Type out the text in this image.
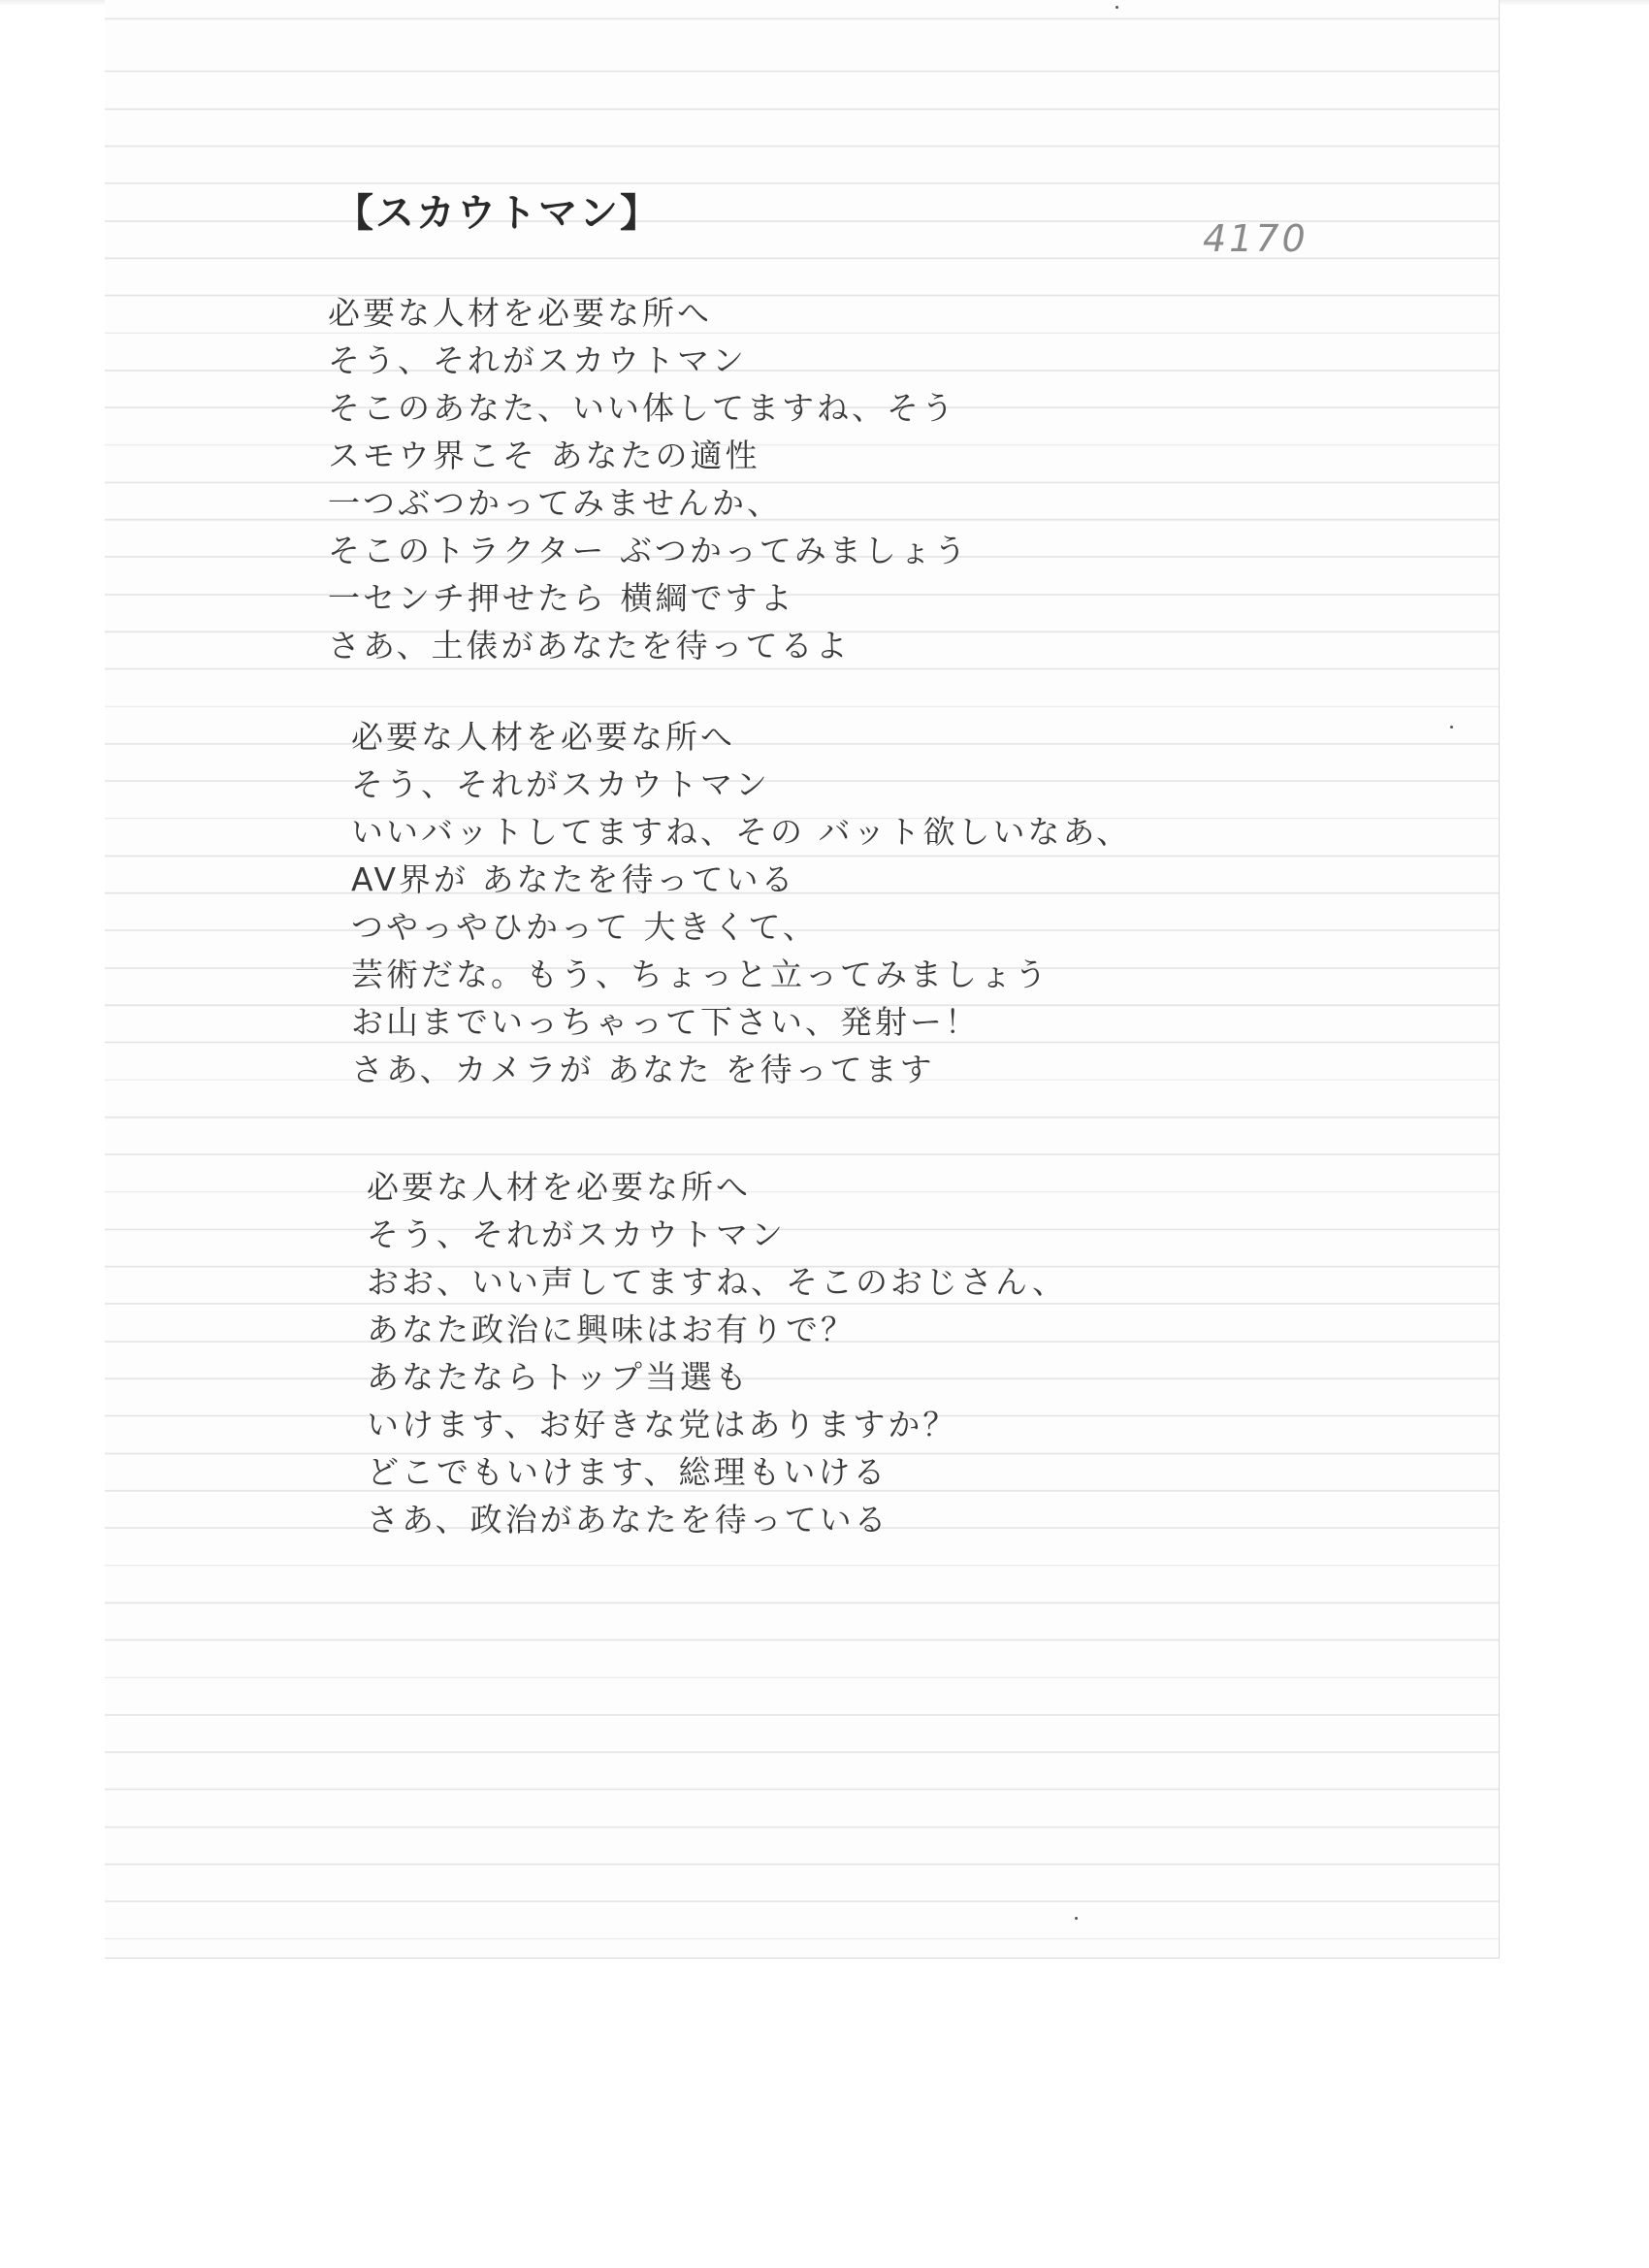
【スカウトマン】
4170
必要な人材を必要な所へ
そう、それがスカウトマン
そこのあなた、いい体してますね、そう
スモウ界こそ あなたの適性
一つぶつかってみませんか、
そこのトラクター ぶつかってみましょう
一センチ押せたら 横綱ですよ
さあ、土俵があなたを待ってるよ
必要な人材を必要な所へ
そう、それがスカウトマン
いいバットしてますね、その バット欲しいなあ、
AV界が あなたを待っている
つやっやひかって 大きくて、
芸術だな。もう、ちょっと立ってみましょう
お山までいっちゃって下さい、発射ー！
さあ、カメラが あなた を待ってます
必要な人材を必要な所へ
そう、それがスカウトマン
おお、いい声してますね、そこのおじさん、
あなた政治に興味はお有りで？
あなたならトップ当選も
いけます、お好きな党はありますか？
どこでもいけます、総理もいける
さあ、政治があなたを待っている
